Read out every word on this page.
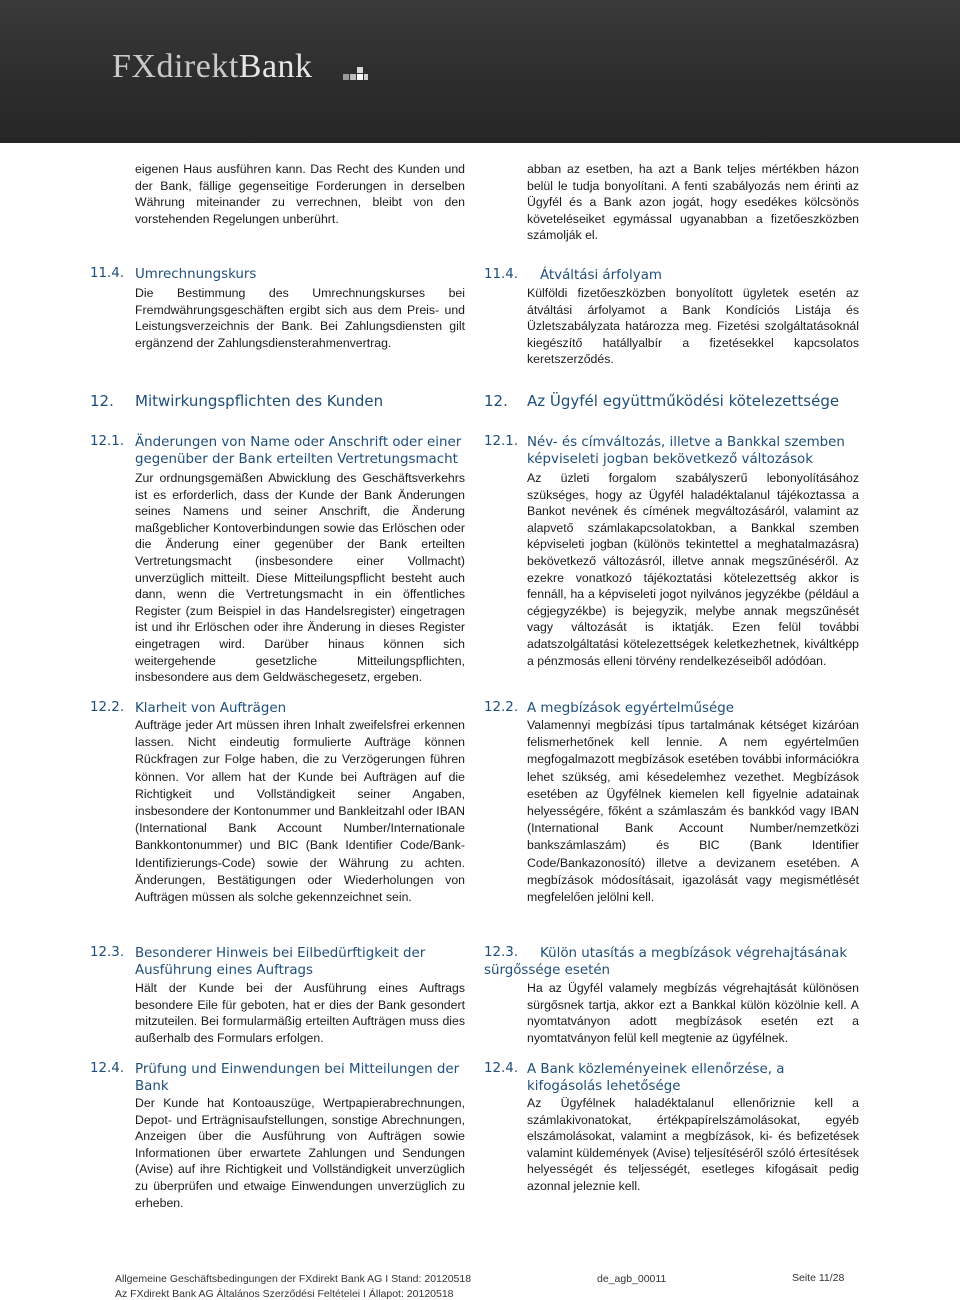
FXdirektBank
eigenen Haus ausführen kann. Das Recht des Kunden und der Bank, fällige gegenseitige Forderungen in derselben Währung miteinander zu verrechnen, bleibt von den vorstehenden Regelungen unberührt.
abban az esetben, ha azt a Bank teljes mértékben házon belül le tudja bonyolítani. A fenti szabályozás nem érinti az Ügyfél és a Bank azon jogát, hogy esedékes kölcsönös követeléseiket egymással ugyanabban a fizetőeszközben számolják el.
11.4. Umrechnungskurs
Die Bestimmung des Umrechnungskurses bei Fremdwährungsgeschäften ergibt sich aus dem Preis- und Leistungsverzeichnis der Bank. Bei Zahlungsdiensten gilt ergänzend der Zahlungsdiensterahmenvertrag.
11.4. Átváltási árfolyam
Külföldi fizetőeszközben bonyolított ügyletek esetén az átváltási árfolyamot a Bank Kondíciós Listája és Üzletszabályzata határozza meg. Fizetési szolgáltatásoknál kiegészítő hatállyalbír a fizetésekkel kapcsolatos keretszerződés.
12. Mitwirkungspflichten des Kunden	12. Az Ügyfél együttműködési kötelezettsége
12.1. Änderungen von Name oder Anschrift oder einer gegenüber der Bank erteilten Vertretungsmacht
Zur ordnungsgemäßen Abwicklung des Geschäftsverkehrs ist es erforderlich, dass der Kunde der Bank Änderungen seines Namens und seiner Anschrift, die Änderung maßgeblicher Kontoverbindungen sowie das Erlöschen oder die Änderung einer gegenüber der Bank erteilten Vertretungsmacht (insbesondere einer Vollmacht) unverzüglich mitteilt. Diese Mitteilungspflicht besteht auch dann, wenn die Vertretungsmacht in ein öffentliches Register (zum Beispiel in das Handelsregister) eingetragen ist und ihr Erlöschen oder ihre Änderung in dieses Register eingetragen wird. Darüber hinaus können sich weitergehende gesetzliche Mitteilungspflichten, insbesondere aus dem Geldwäschegesetz, ergeben.
12.1. Név- és címváltozás, illetve a Bankkal szemben képviseleti jogban bekövetkező változások
Az üzleti forgalom szabályszerű lebonyolításához szükséges, hogy az Ügyfél haladéktalanul tájékoztassa a Bankot nevének és címének megváltozásáról, valamint az alapvető számlakapcsolatokban, a Bankkal szemben képviseleti jogban (különös tekintettel a meghatalmazásra) bekövetkező változásról, illetve annak megszűnéséről. Az ezekre vonatkozó tájékoztatási kötelezettség akkor is fennáll, ha a képviseleti jogot nyilvános jegyzékbe (például a cégjegyzékbe) is bejegyzik, melybe annak megszűnését vagy változását is iktatják. Ezen felül további adatszolgáltatási kötelezettségek keletkezhetnek, kiváltképp a pénzmosás elleni törvény rendelkezéseiből adódóan.
12.2. Klarheit von Aufträgen
Aufträge jeder Art müssen ihren Inhalt zweifelsfrei erkennen lassen. Nicht eindeutig formulierte Aufträge können Rückfragen zur Folge haben, die zu Verzögerungen führen können. Vor allem hat der Kunde bei Aufträgen auf die Richtigkeit und Vollständigkeit seiner Angaben, insbesondere der Kontonummer und Bankleitzahl oder IBAN (International Bank Account Number/Internationale Bankkontonummer) und BIC (Bank Identifier Code/Bank-Identifizierungs-Code) sowie der Währung zu achten. Änderungen, Bestätigungen oder Wiederholungen von Aufträgen müssen als solche gekennzeichnet sein.
12.2. A megbízások egyértelműsége
Valamennyi megbízási típus tartalmának kétséget kizáróan felismerhetőnek kell lennie. A nem egyértelműen megfogalmazott megbízások esetében további információkra lehet szükség, ami késedelemhez vezethet. Megbízások esetében az Ügyfélnek kiemelen kell figyelnie adatainak helyességére, főként a számlaszám és bankkód vagy IBAN (International Bank Account Number/nemzetközi bankszámlaszám) és BIC (Bank Identifier Code/Bankazonosító) illetve a devizanem esetében. A megbízások módosításait, igazolását vagy megismétlését megfelelően jelölni kell.
12.3. Besonderer Hinweis bei Eilbedürftigkeit der Ausführung eines Auftrags
Hält der Kunde bei der Ausführung eines Auftrags besondere Eile für geboten, hat er dies der Bank gesondert mitzuteilen. Bei formularmäßig erteilten Aufträgen muss dies außerhalb des Formulars erfolgen.
12.3.	Külön utasítás a megbízások végrehajtásának sürgőssége esetén
Ha az Ügyfél valamely megbízás végrehajtását különösen sürgősnek tartja, akkor ezt a Bankkal külön közölnie kell. A nyomtatványon adott megbízások esetén ezt a nyomtatványon felül kell megtenie az ügyfélnek.
12.4. Prüfung und Einwendungen bei Mitteilungen der Bank
Der Kunde hat Kontoauszüge, Wertpapierabrechnungen, Depot- und Erträgnisaufstellungen, sonstige Abrechnungen, Anzeigen über die Ausführung von Aufträgen sowie Informationen über erwartete Zahlungen und Sendungen (Avise) auf ihre Richtigkeit und Vollständigkeit unverzüglich zu überprüfen und etwaige Einwendungen unverzüglich zu erheben.
12.4. A Bank közleményeinek ellenőrzése, a kifogásolás lehetősége
Az Ügyfélnek haladéktalanul ellenőriznie kell a számlakivonatokat, értékpapírelszámolásokat, egyéb elszámolásokat, valamint a megbízások, ki- és befizetések valamint küldemények (Avise) teljesítéséről szóló értesítések helyességét és teljességét, esetleges kifogásait pedig azonnal jeleznie kell.
Allgemeine Geschäftsbedingungen der FXdirekt Bank AG I Stand: 20120518
Az FXdirekt Bank AG Általános Szerződési Feltételei I Állapot: 20120518
de_agb_00011	Seite 11/28
